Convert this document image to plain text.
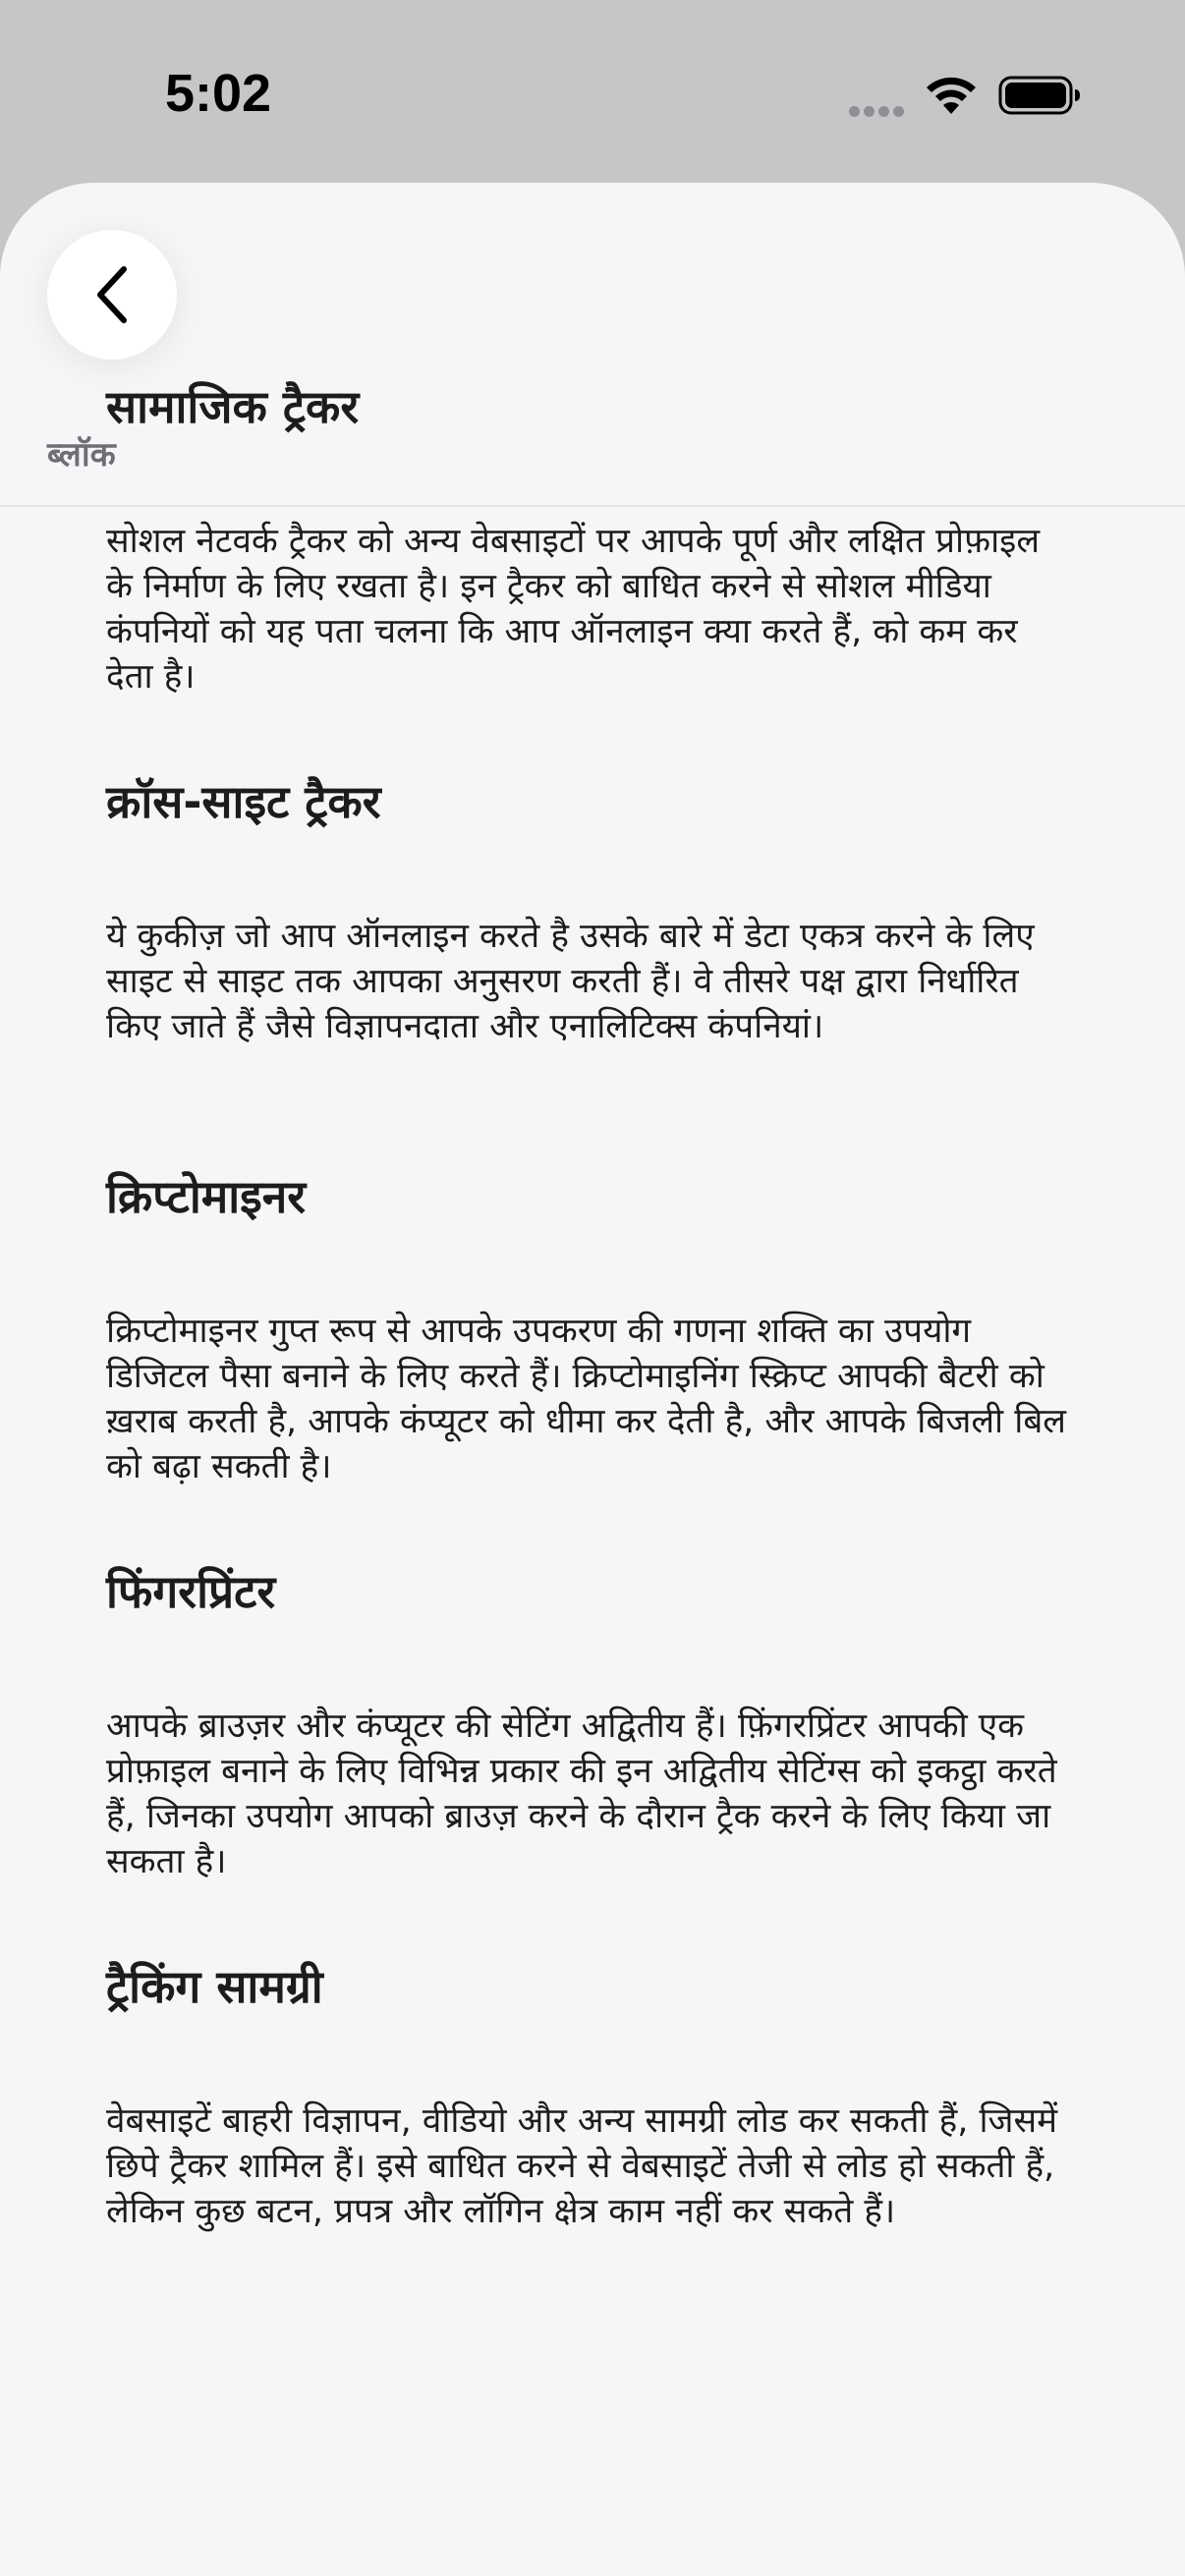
5:02
ब्लॉक
सामाजिक ट्रैकर

सोशल नेटवर्क ट्रैकर को अन्य वेबसाइटों पर आपके पूर्ण और लक्षित प्रोफ़ाइल के निर्माण के लिए रखता है। इन ट्रैकर को बाधित करने से सोशल मीडिया कंपनियों को यह पता चलना कि आप ऑनलाइन क्या करते हैं, को कम कर देता है।

क्रॉस-साइट ट्रैकर

ये कुकीज़ जो आप ऑनलाइन करते है उसके बारे में डेटा एकत्र करने के लिए साइट से साइट तक आपका अनुसरण करती हैं। वे तीसरे पक्ष द्वारा निर्धारित किए जाते हैं जैसे विज्ञापनदाता और एनालिटिक्स कंपनियां।

क्रिप्टोमाइनर

क्रिप्टोमाइनर गुप्त रूप से आपके उपकरण की गणना शक्ति का उपयोग डिजिटल पैसा बनाने के लिए करते हैं। क्रिप्टोमाइनिंग स्क्रिप्ट आपकी बैटरी को ख़राब करती है, आपके कंप्यूटर को धीमा कर देती है, और आपके बिजली बिल को बढ़ा सकती है।

फिंगरप्रिंटर

आपके ब्राउज़र और कंप्यूटर की सेटिंग अद्वितीय हैं। फ़िंगरप्रिंटर आपकी एक प्रोफ़ाइल बनाने के लिए विभिन्न प्रकार की इन अद्वितीय सेटिंग्स को इकट्ठा करते हैं, जिनका उपयोग आपको ब्राउज़ करने के दौरान ट्रैक करने के लिए किया जा सकता है।

ट्रैकिंग सामग्री

वेबसाइटें बाहरी विज्ञापन, वीडियो और अन्य सामग्री लोड कर सकती हैं, जिसमें छिपे ट्रैकर शामिल हैं। इसे बाधित करने से वेबसाइटें तेजी से लोड हो सकती हैं, लेकिन कुछ बटन, प्रपत्र और लॉगिन क्षेत्र काम नहीं कर सकते हैं।
